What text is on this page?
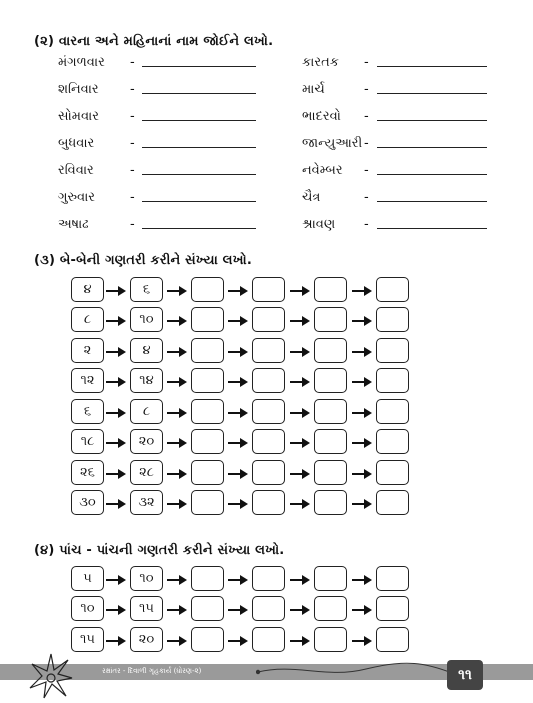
(૨) વારના અને મહિનાનાં નામ જોઈને લખો.
મંગળવાર -	કારતક -
શનિવાર -	માર્ચ	-
સોમવાર -	ભાદરવો -
બુધવાર	-	જાન્યુઆરી -
રવિવાર	-	નવેમ્બર -
ગુરુવાર	-	ચૈત્ર	-
અષાઢ	-	શ્રાવણ -
(૩) બે-બેની ગણતરી કરીને સંખ્યા લખો.
૪	૬
૮	૧૦
૨	૪
૧૨	૧૪
૬	૮
૧૮	૨૦
૨૬	૨૮
૩૦	૩૨
(૪) પાંચ - પાંચની ગણતરી કરીને સંખ્યા લખો.
૫	૧૦
૧૦	૧૫
૧૫	૨૦
રક્ષાંતર - દિવાળી ગૃહકાર્ય (ધોરણ-૨)	૧૧
